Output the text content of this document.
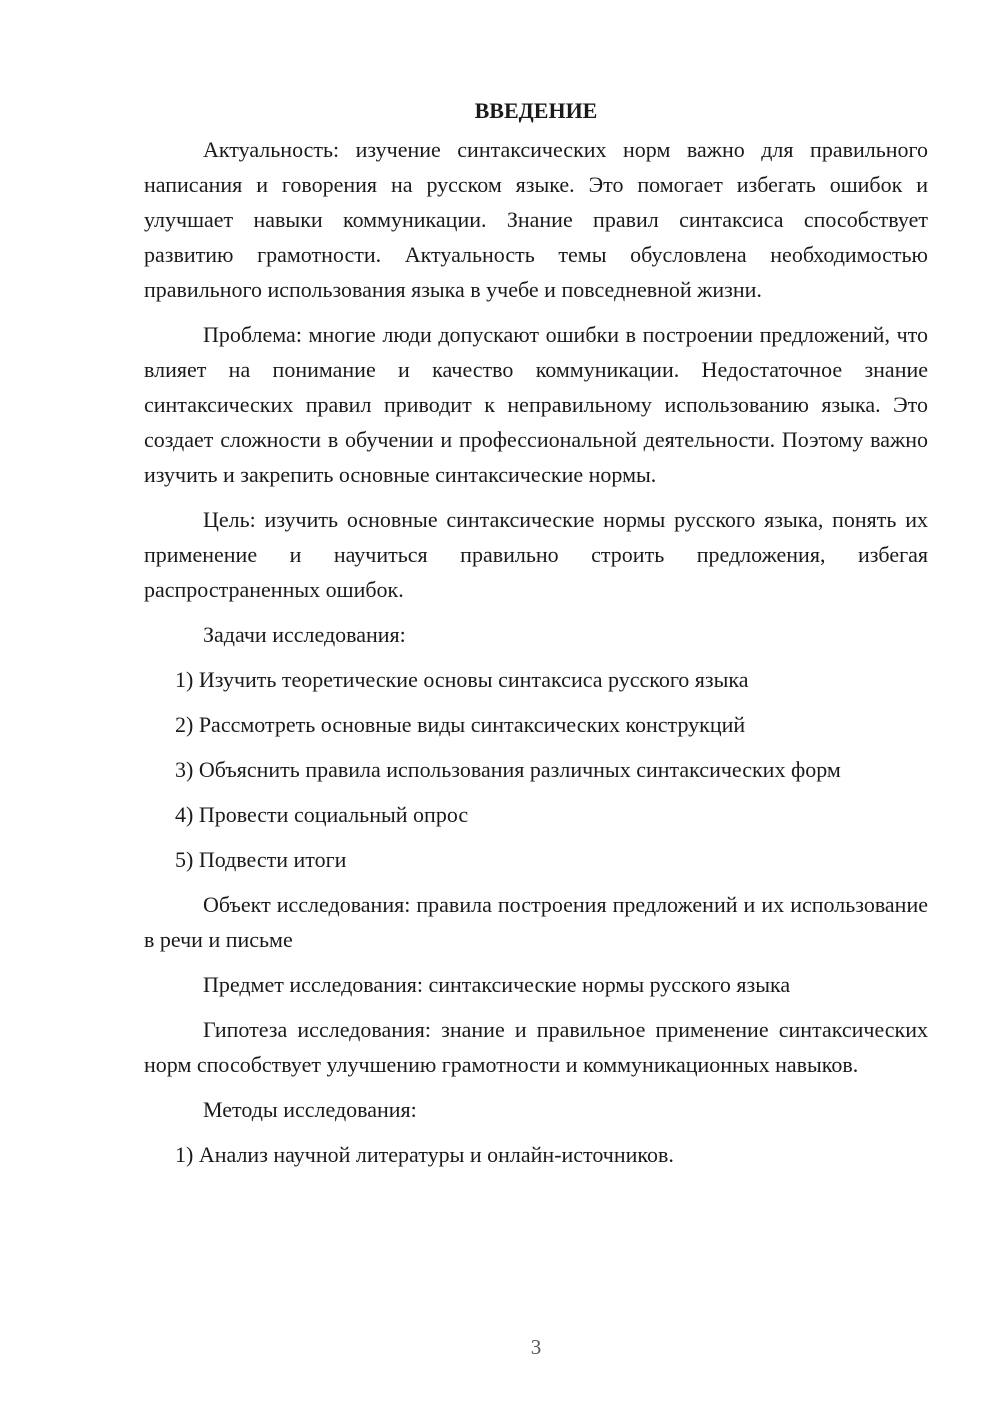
ВВЕДЕНИЕ

Актуальность: изучение синтаксических норм важно для правильного написания и говорения на русском языке. Это помогает избегать ошибок и улучшает навыки коммуникации. Знание правил синтаксиса способствует развитию грамотности. Актуальность темы обусловлена необходимостью правильного использования языка в учебе и повседневной жизни.

Проблема: многие люди допускают ошибки в построении предложений, что влияет на понимание и качество коммуникации. Недостаточное знание синтаксических правил приводит к неправильному использованию языка. Это создает сложности в обучении и профессиональной деятельности. Поэтому важно изучить и закрепить основные синтаксические нормы.

Цель: изучить основные синтаксические нормы русского языка, понять их применение и научиться правильно строить предложения, избегая распространенных ошибок.

Задачи исследования:

1) Изучить теоретические основы синтаксиса русского языка
2) Рассмотреть основные виды синтаксических конструкций
3) Объяснить правила использования различных синтаксических форм
4) Провести социальный опрос
5) Подвести итоги

Объект исследования: правила построения предложений и их использование в речи и письме

Предмет исследования: синтаксические нормы русского языка

Гипотеза исследования: знание и правильное применение синтаксических норм способствует улучшению грамотности и коммуникационных навыков.

Методы исследования:

1) Анализ научной литературы и онлайн-источников.
3
